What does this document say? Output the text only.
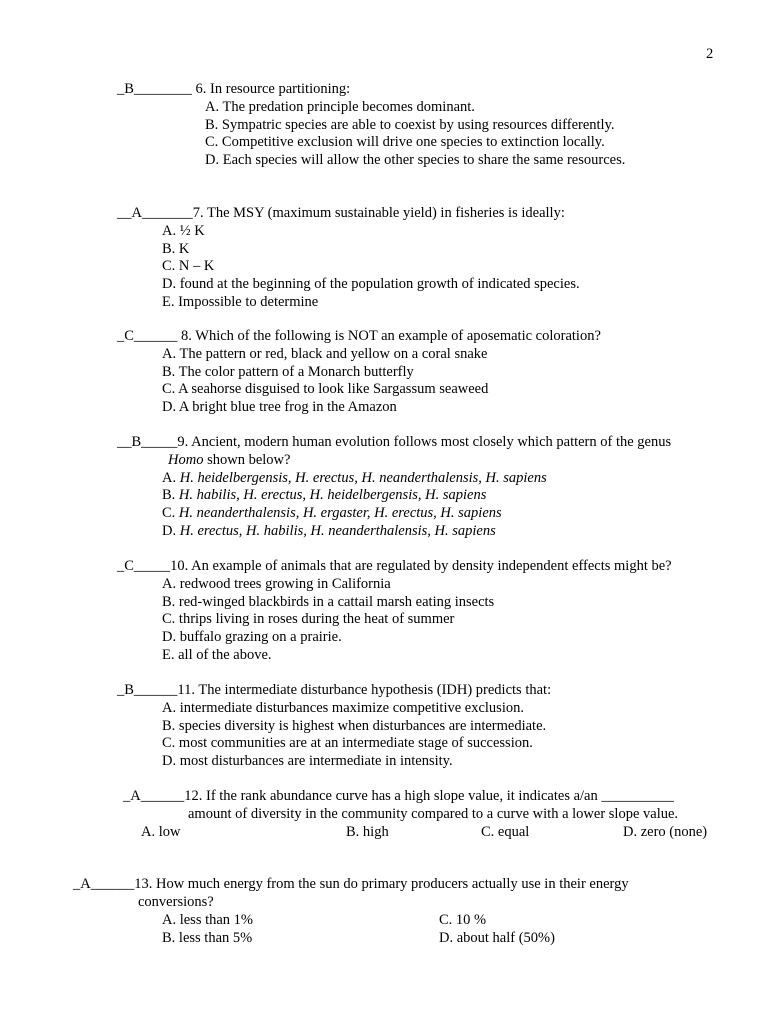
2
_B________ 6. In resource partitioning:
A. The predation principle becomes dominant.
B. Sympatric species are able to coexist by using resources differently.
C. Competitive exclusion will drive one species to extinction locally.
D. Each species will allow the other species to share the same resources.
__A_______7. The MSY (maximum sustainable yield) in fisheries is ideally:
A. ½ K
B. K
C. N – K
D. found at the beginning of the population growth of indicated species.
E. Impossible to determine
_C______ 8. Which of the following is NOT an example of aposematic coloration?
A. The pattern or red, black and yellow on a coral snake
B. The color pattern of a Monarch butterfly
C. A seahorse disguised to look like Sargassum seaweed
D. A bright blue tree frog in the Amazon
__B_____9. Ancient, modern human evolution follows most closely which pattern of the genus
Homo shown below?
A. H. heidelbergensis, H. erectus, H. neanderthalensis, H. sapiens
B. H. habilis, H. erectus, H. heidelbergensis, H. sapiens
C. H. neanderthalensis, H. ergaster, H. erectus, H. sapiens
D. H. erectus, H. habilis, H. neanderthalensis, H. sapiens
_C_____10. An example of animals that are regulated by density independent effects might be?
A. redwood trees growing in California
B. red-winged blackbirds in a cattail marsh eating insects
C. thrips living in roses during the heat of summer
D. buffalo grazing on a prairie.
E. all of the above.
_B______11. The intermediate disturbance hypothesis (IDH) predicts that:
A. intermediate disturbances maximize competitive exclusion.
B. species diversity is highest when disturbances are intermediate.
C. most communities are at an intermediate stage of succession.
D. most disturbances are intermediate in intensity.
_A______12. If the rank abundance curve has a high slope value, it indicates a/an __________
amount of diversity in the community compared to a curve with a lower slope value.
A. low	B. high	C. equal	D. zero (none)
_A______13. How much energy from the sun do primary producers actually use in their energy
conversions?
A. less than 1%	C. 10 %
B. less than 5%	D. about half (50%)
